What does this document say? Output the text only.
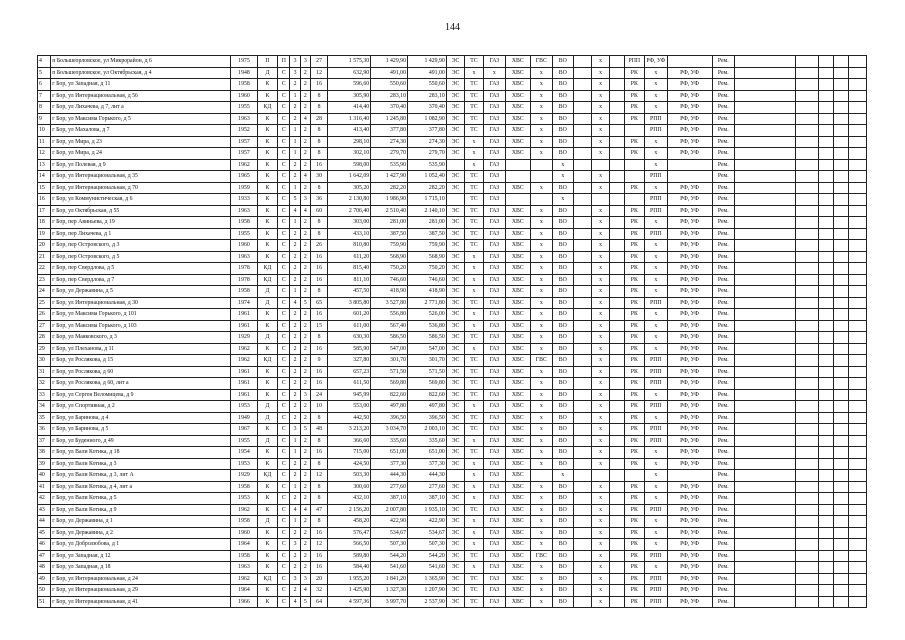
144
4	п Большеорловское, ул Микрорайон, д 6	1975	П	П	3	3	27	1 575,30	1 429,90	1 429,90	ЭС	ТС	ГАЗ	ХВС	ГВС	ВО		х		РПП	РФ, УФ		Рем.					
5	п Большеорловское, ул Октябрьская, д 4	1948	Д	С	3	2	12	632,90	491,00	491,00	ЭС	х	х	ХВС	х	ВО		х		РК	х	РФ, УФ	Рем.					
6	г Бор, ул Западная, д 11	1958	К	С	2	2	16	596,60	550,60	550,60	ЭС	ТС	ГАЗ	ХВС	х	ВО		х		РК	х	РФ, УФ	Рем.					
7	г Бор, ул Интернациональная, д 56	1960	К	С	1	2	8	305,90	283,10	283,10	ЭС	ТС	ГАЗ	ХВС	х	ВО		х		РК	х	РФ, УФ	Рем.					
8	г Бор, ул Лихачева, д 7, лит а	1955	КД	С	2	2	8	414,40	370,40	370,40	ЭС	ТС	ГАЗ	ХВС	х	ВО		х		РК	х	РФ, УФ	Рем.					
9	г Бор, ул Максима Горького, д 5	1963	К	С	2	4	28	1 316,40	1 245,80	1 082,90	ЭС	ТС	ГАЗ	ХВС	х	ВО		х		РК	РПП	РФ, УФ	Рем.					
10	г Бор, ул Махалова, д 7	1952	К	С	1	2	8	413,40	377,80	377,80	ЭС	ТС	ГАЗ	ХВС	х	ВО		х			РПП	РФ, УФ	Рем.					
11	г Бор, ул Мира, д 23	1957	К	С	1	2	8	298,10	274,30	274,30	ЭС	х	ГАЗ	ХВС	х	ВО		х		РК	х	РФ, УФ	Рем.					
12	г Бор, ул Мира, д 24	1957	К	С	1	2	8	302,10	279,70	279,70	ЭС	х	ГАЗ	ХВС	х	ВО		х		РК	х	РФ, УФ	Рем.					
13	г Бор, ул Полевая, д 9	1962	К	С	2	2	16	598,00	535,90	535,90		х	ГАЗ			х					х		Рем.					
14	г Бор, ул Интернациональная, д 35	1965	К	С	2	4	30	1 642,09	1 427,90	1 052,40	ЭС	ТС	ГАЗ			х		х			РПП		Рем.					
15	г Бор, ул Интернациональная, д 70	1959	К	С	1	2	8	305,20	282,20	282,20	ЭС	ТС	ГАЗ	ХВС	х	ВО		х		РК	х	РФ, УФ	Рем.					
16	г Бор, ул Коммунистическая, д 6	1933	К	С	5	3	36	2 130,80	1 986,90	1 715,10		ТС	ГАЗ			х					РПП	РФ, УФ	Рем.					
17	г Бор, ул Октябрьская, д 55	1963	К	С	4	4	60	2 706,40	2 510,40	2 140,10	ЭС	ТС	ГАЗ	ХВС	х	ВО		х		РК	РПП	РФ, УФ	Рем.					
18	г Бор, пер Авиньева, д 19	1958	К	С	1	2	8	303,00	281,00	281,00	ЭС	ТС	ГАЗ	ХВС	х	ВО		х		РК	х	РФ, УФ	Рем.					
19	г Бор, пер Лихачева, д 1	1955	К	С	2	2	8	433,10	387,50	387,50	ЭС	ТС	ГАЗ	ХВС	х	ВО		х		РК	РПП	РФ, УФ	Рем.					
20	г Бор, пер Островского, д 3	1960	К	С	2	2	26	810,80	759,90	759,90	ЭС	ТС	ГАЗ	ХВС	х	ВО		х		РК	х	РФ, УФ	Рем.					
21	г Бор, пер Островского, д 5	1963	К	С	2	2	16	611,20	568,90	568,90	ЭС	х	ГАЗ	ХВС	х	ВО		х		РК	х	РФ, УФ	Рем.					
22	г Бор, пер Свердлова, д 5	1978	КД	С	2	2	16	815,40	750,20	750,20	ЭС	х	ГАЗ	ХВС	х	ВО		х		РК	х	РФ, УФ	Рем.					
23	г Бор, пер Свердлова, д 7	1978	КД	С	2	2	16	811,10	746,60	746,60	ЭС	х	ГАЗ	ХВС	х	ВО		х		РК	х	РФ, УФ	Рем.					
24	г Бор, ул Державина, д 5	1958	Д	С	1	2	8	457,50	418,90	418,90	ЭС	х	ГАЗ	ХВС	х	ВО		х		РК	х	РФ, УФ	Рем.					
25	г Бор, ул Интернациональная, д 30	1974	Д	С	4	5	65	3 805,80	3 527,80	2 771,80	ЭС	ТС	ГАЗ	ХВС	х	ВО		х		РК	РПП	РФ, УФ	Рем.					
26	г Бор, ул Максима Горького, д 101	1961	К	С	2	2	16	601,20	556,80	526,00	ЭС	х	ГАЗ	ХВС	х	ВО		х		РК	х	РФ, УФ	Рем.					
27	г Бор, ул Максима Горького, д 103	1961	К	С	2	2	15	611,00	567,40	536,80	ЭС	х	ГАЗ	ХВС	х	ВО		х		РК	х	РФ, УФ	Рем.					
28	г Бор, ул Маяковского, д 3	1929	Д	С	2	2	8	630,30	586,50	586,50	ЭС	ТС	ГАЗ	ХВС	х	ВО		х		РК	х	РФ, УФ	Рем.					
29	г Бор, ул Плеханова, д 11	1962	К	С	2	2	16	585,90	547,00	547,00	ЭС	х	ГАЗ	ХВС	х	ВО		х		РК	х	РФ, УФ	Рем.					
30	г Бор, ул Рослякова, д 15	1962	КД	С	2	2	9	327,80	301,70	301,70	ЭС	ТС	ГАЗ	ХВС	ГВС	ВО		х		РК	РПП	РФ, УФ	Рем.					
31	г Бор, ул Рослякова, д 60	1961	К	С	2	2	16	657,23	571,50	571,50	ЭС	ТС	ГАЗ	ХВС	х	ВО		х		РК	РПП	РФ, УФ	Рем.					
32	г Бор, ул Рослякова, д 60, лит а	1961	К	С	2	2	16	611,50	569,80	569,80	ЭС	ТС	ГАЗ	ХВС	х	ВО		х		РК	РПП	РФ, УФ	Рем.					
33	г Бор, ул Сергея Веломицева, д 9	1961	К	С	2	3	24	945,99	822,60	822,60	ЭС	ТС	ГАЗ	ХВС	х	ВО		х		РК	х	РФ, УФ	Рем.					
34	г Бор, ул Спортивная, д 2	1953	Д	С	2	2	10	553,00	497,80	497,80	ЭС	х	ГАЗ	ХВС	х	ВО		х		РК	РПП	РФ, УФ	Рем.					
35	г Бор, ул Баринова, д 4	1949	Д	С	2	2	8	442,50	396,50	396,50	ЭС	ТС	ГАЗ	ХВС	х	ВО		х		РК	х	РФ, УФ	Рем.					
36	г Бор, ул Баринова, д 5	1967	К	С	3	5	48	3 213,20	3 034,70	2 003,10	ЭС	ТС	ГАЗ	ХВС	х	ВО		х		РК	РПП	РФ, УФ	Рем.					
37	г Бор, ул Буденного, д 49	1955	Д	С	1	2	8	366,60	335,60	335,60	ЭС	х	ГАЗ	ХВС	х	ВО		х		РК	РПП	РФ, УФ	Рем.					
38	г Бор, ул Вали Котика, д 18	1954	К	С	1	2	16	715,00	651,00	651,00	ЭС	ТС	ГАЗ	ХВС	х	ВО		х		РК	х	РФ, УФ	Рем.					
39	г Бор, ул Вали Котика, д 3	1953	К	С	2	2	8	424,50	377,30	377,30	ЭС	х	ГАЗ	ХВС	х	ВО		х		РК	х	РФ, УФ	Рем.					
40	г Бор, ул Вали Котика, д 3, лит А	1929	КД	С	2	2	12	503,30	444,30	444,30		х	ГАЗ	ХВС		х					х		Рем.					
41	г Бор, ул Вали Котика, д 4, лит а	1958	К	С	1	2	8	300,60	277,60	277,60	ЭС	х	ГАЗ	ХВС	х	ВО		х		РК	х	РФ, УФ	Рем.					
42	г Бор, ул Вали Котика, д 5	1953	К	С	2	2	8	432,10	387,10	387,10	ЭС	х	ГАЗ	ХВС	х	ВО		х		РК	х	РФ, УФ	Рем.					
43	г Бор, ул Вали Котика, д 9	1962	К	С	4	4	47	2 156,20	2 007,80	1 935,10	ЭС	ТС	ГАЗ	ХВС	х	ВО		х		РК	РПП	РФ, УФ	Рем.					
44	г Бор, ул Державина, д 1	1958	Д	С	1	2	8	458,20	422,90	422,90	ЭС	х	ГАЗ	ХВС	х	ВО		х		РК	х	РФ, УФ	Рем.					
45	г Бор, ул Державина, д 2	1960	К	С	2	2	16	576,47	534,67	534,67	ЭС	х	ГАЗ	ХВС	х	ВО		х		РК	х	РФ, УФ	Рем.					
46	г Бор, ул Добролюбова, д 1	1964	К	С	3	2	12	566,50	507,30	507,30	ЭС	х	ГАЗ	ХВС	х	ВО		х		РК	х	РФ, УФ	Рем.					
47	г Бор, ул Западная, д 12	1958	К	С	2	2	16	589,80	544,20	544,20	ЭС	ТС	ГАЗ	ХВС	ГВС	ВО		х		РК	РПП	РФ, УФ	Рем.					
48	г Бор, ул Западная, д 18	1963	К	С	2	2	16	584,40	541,60	541,60	ЭС	х	ГАЗ	ХВС	х	ВО		х		РК	х	РФ, УФ	Рем.					
49	г Бор, ул Интернациональная, д 24	1962	КД	С	3	3	20	1 955,20	1 841,20	1 365,90	ЭС	ТС	ГАЗ	ХВС	х	ВО		х		РК	РПП	РФ, УФ	Рем.					
50	г Бор, ул Интернациональная, д 29	1964	К	С	2	4	32	1 425,90	1 327,30	1 207,90	ЭС	ТС	ГАЗ	ХВС	х	ВО		х		РК	РПП	РФ, УФ	Рем.					
51	г Бор, ул Интернациональная, д 41	1966	К	С	4	5	64	4 597,36	3 997,70	2 537,90	ЭС	ТС	ГАЗ	ХВС	х	ВО		х		РК	РПП	РФ, УФ	Рем.					
